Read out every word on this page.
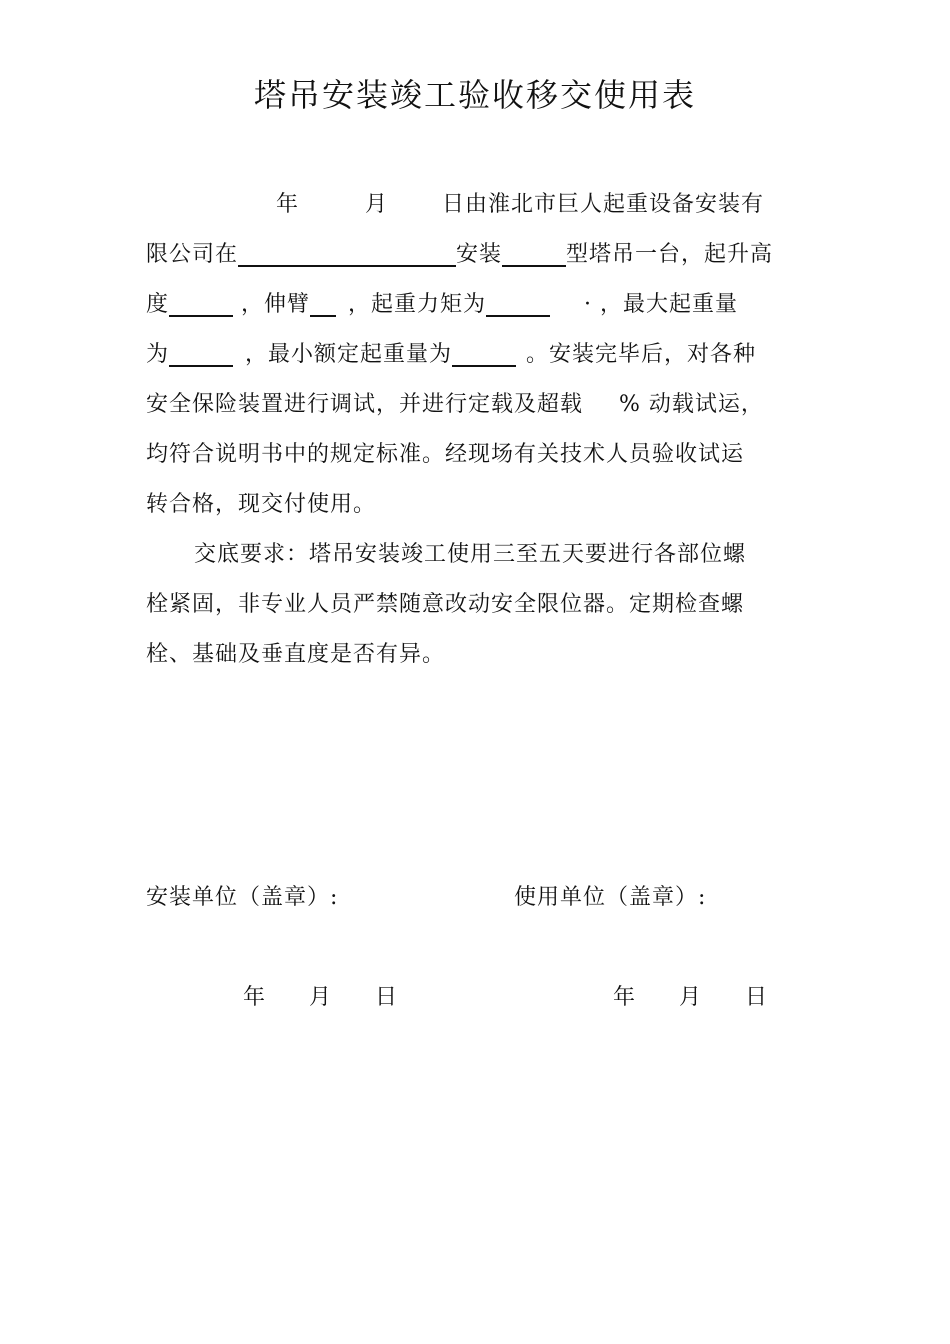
塔吊安装竣工验收移交使用表
年	月 日由淮北市巨人起重设备安装有
限公司在	安装	型塔吊一台，起升高
度	，伸臂 ，起重力矩为	· ，最大起重量
为	，最小额定起重量为	。安装完毕后，对各种
安全保险装置进行调试，并进行定载及超载 % 动载试运，
均符合说明书中的规定标准。经现场有关技术人员验收试运
转合格，现交付使用。
交底要求：塔吊安装竣工使用三至五天要进行各部位螺
栓紧固，非专业人员严禁随意改动安全限位器。定期检查螺
栓、基础及垂直度是否有异。
安装单位（盖章）:	使用单位（盖章）:
年 月 日	年 月 日
